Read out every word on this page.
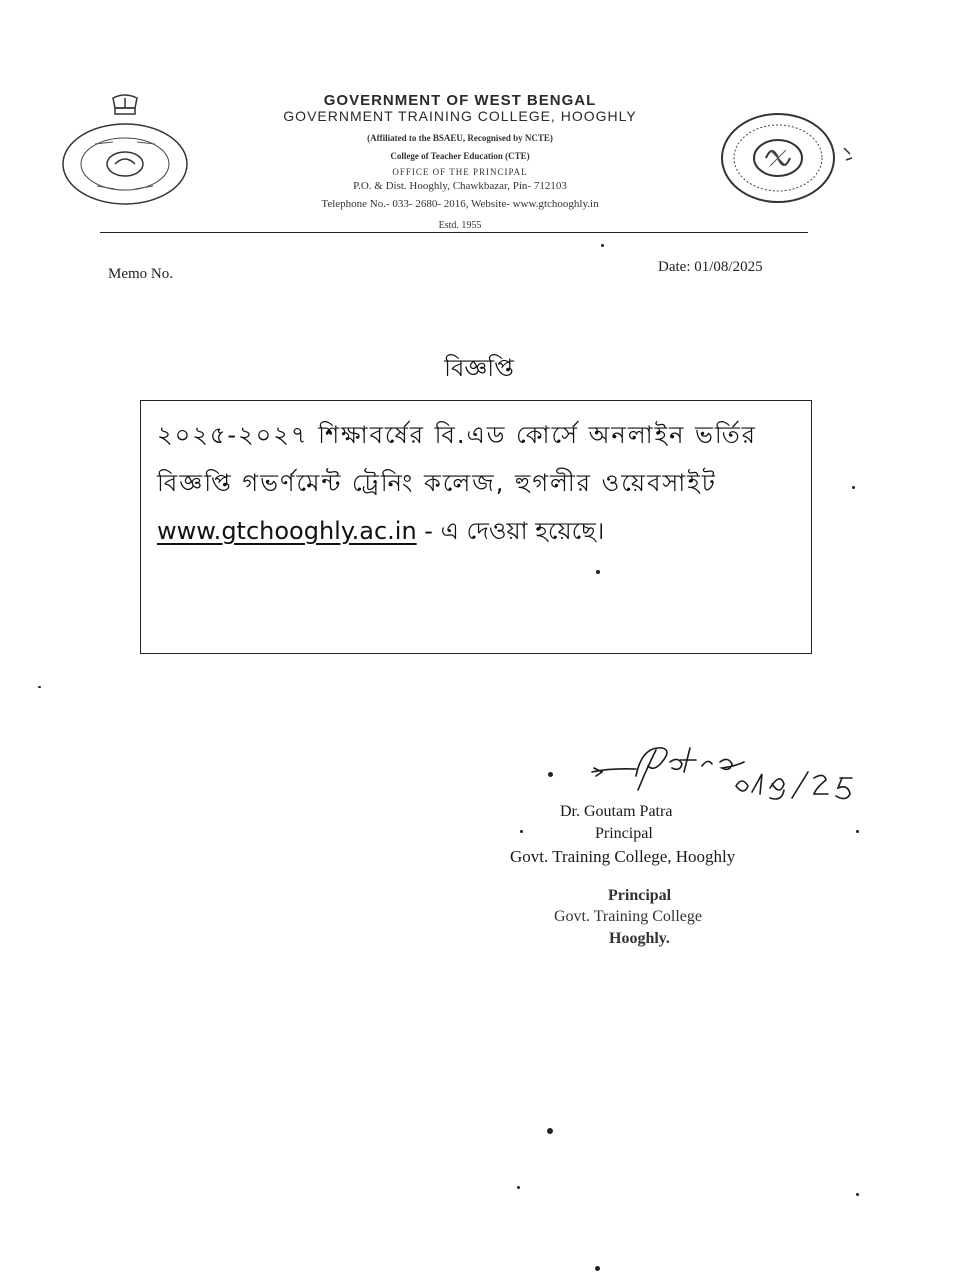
GOVERNMENT OF WEST BENGAL
GOVERNMENT TRAINING COLLEGE, HOOGHLY
(Affiliated to the BSAEU, Recognised by NCTE)
College of Teacher Education (CTE)
OFFICE OF THE PRINCIPAL
P.O. & Dist. Hooghly, Chawkbazar, Pin- 712103
Telephone No.- 033- 2680- 2016, Website- www.gtchooghly.in
Estd. 1955
Memo No.	Date: 01/08/2025
বিজ্ঞপ্তি
২০২৫-২০২৭ শিক্ষাবর্ষের বি.এড কোর্সে অনলাইন ভর্তির
বিজ্ঞপ্তি গভর্ণমেন্ট ট্রেনিং কলেজ, হুগলীর ওয়েবসাইট
www.gtchooghly.ac.in - এ দেওয়া হয়েছে।
Dr. Goutam Patra
Principal
Govt. Training College, Hooghly
Principal
Govt. Training College
Hooghly.
